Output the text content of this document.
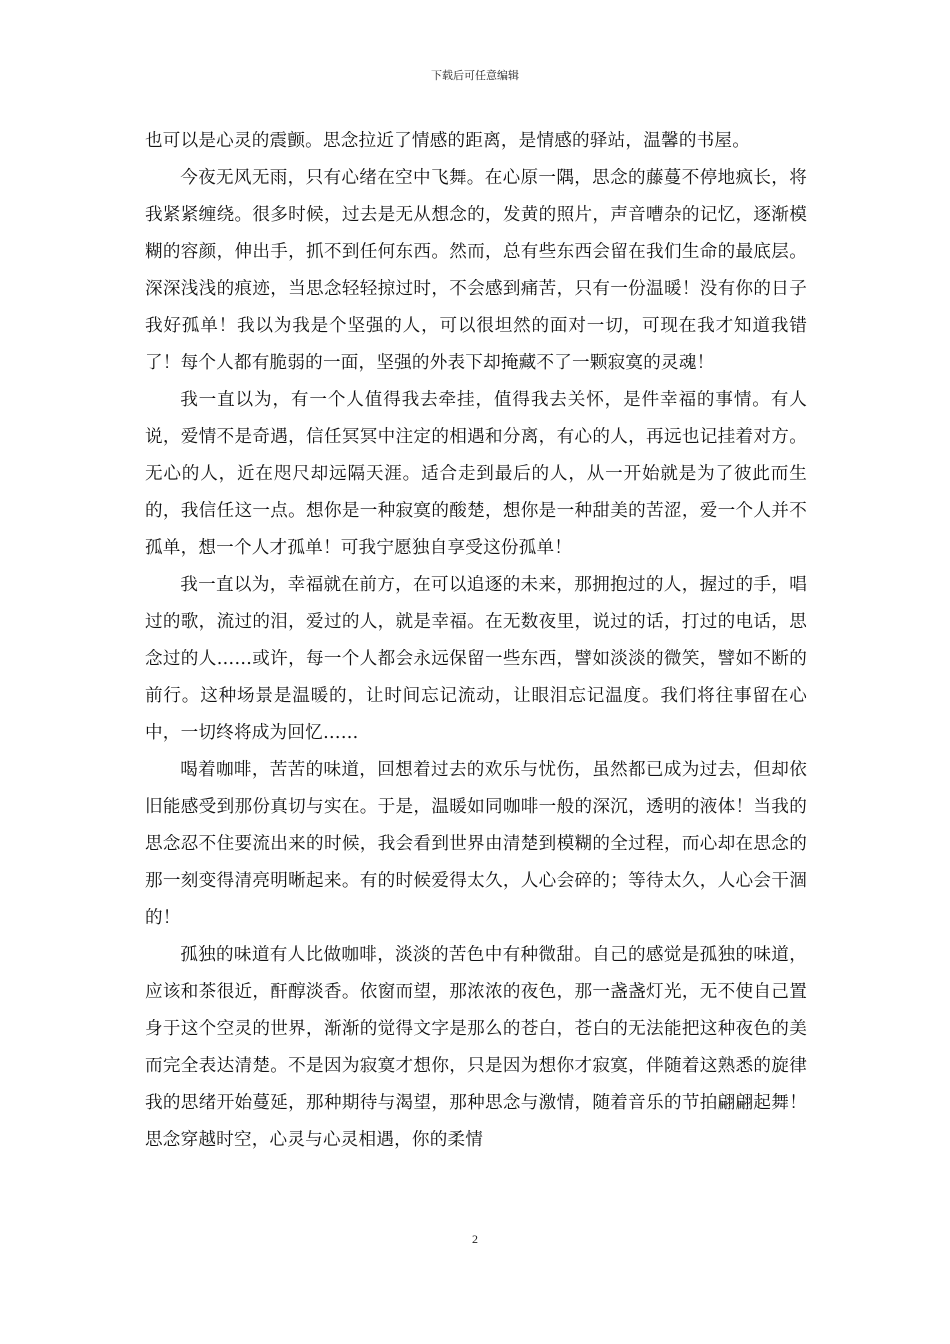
下载后可任意编辑

也可以是心灵的震颤。思念拉近了情感的距离，是情感的驿站，温馨的书屋。

今夜无风无雨，只有心绪在空中飞舞。在心原一隅，思念的藤蔓不停地疯长，将我紧紧缠绕。很多时候，过去是无从想念的，发黄的照片，声音嘈杂的记忆，逐渐模糊的容颜，伸出手，抓不到任何东西。然而，总有些东西会留在我们生命的最底层。深深浅浅的痕迹，当思念轻轻掠过时，不会感到痛苦，只有一份温暖！没有你的日子我好孤单！我以为我是个坚强的人，可以很坦然的面对一切，可现在我才知道我错了！每个人都有脆弱的一面，坚强的外表下却掩藏不了一颗寂寞的灵魂！

我一直以为，有一个人值得我去牵挂，值得我去关怀，是件幸福的事情。有人说，爱情不是奇遇，信任冥冥中注定的相遇和分离，有心的人，再远也记挂着对方。无心的人，近在咫尺却远隔天涯。适合走到最后的人，从一开始就是为了彼此而生的，我信任这一点。想你是一种寂寞的酸楚，想你是一种甜美的苦涩，爱一个人并不孤单，想一个人才孤单！可我宁愿独自享受这份孤单！

我一直以为，幸福就在前方，在可以追逐的未来，那拥抱过的人，握过的手，唱过的歌，流过的泪，爱过的人，就是幸福。在无数夜里，说过的话，打过的电话，思念过的人……或许，每一个人都会永远保留一些东西，譬如淡淡的微笑，譬如不断的前行。这种场景是温暖的，让时间忘记流动，让眼泪忘记温度。我们将往事留在心中，一切终将成为回忆……

喝着咖啡，苦苦的味道，回想着过去的欢乐与忧伤，虽然都已成为过去，但却依旧能感受到那份真切与实在。于是，温暖如同咖啡一般的深沉，透明的液体！当我的思念忍不住要流出来的时候，我会看到世界由清楚到模糊的全过程，而心却在思念的那一刻变得清亮明晰起来。有的时候爱得太久，人心会碎的；等待太久，人心会干涸的！

孤独的味道有人比做咖啡，淡淡的苦色中有种微甜。自己的感觉是孤独的味道，应该和茶很近，酐醇淡香。依窗而望，那浓浓的夜色，那一盏盏灯光，无不使自己置身于这个空灵的世界，渐渐的觉得文字是那么的苍白，苍白的无法能把这种夜色的美而完全表达清楚。不是因为寂寞才想你，只是因为想你才寂寞，伴随着这熟悉的旋律我的思绪开始蔓延，那种期待与渴望，那种思念与激情，随着音乐的节拍翩翩起舞！思念穿越时空，心灵与心灵相遇，你的柔情

2
